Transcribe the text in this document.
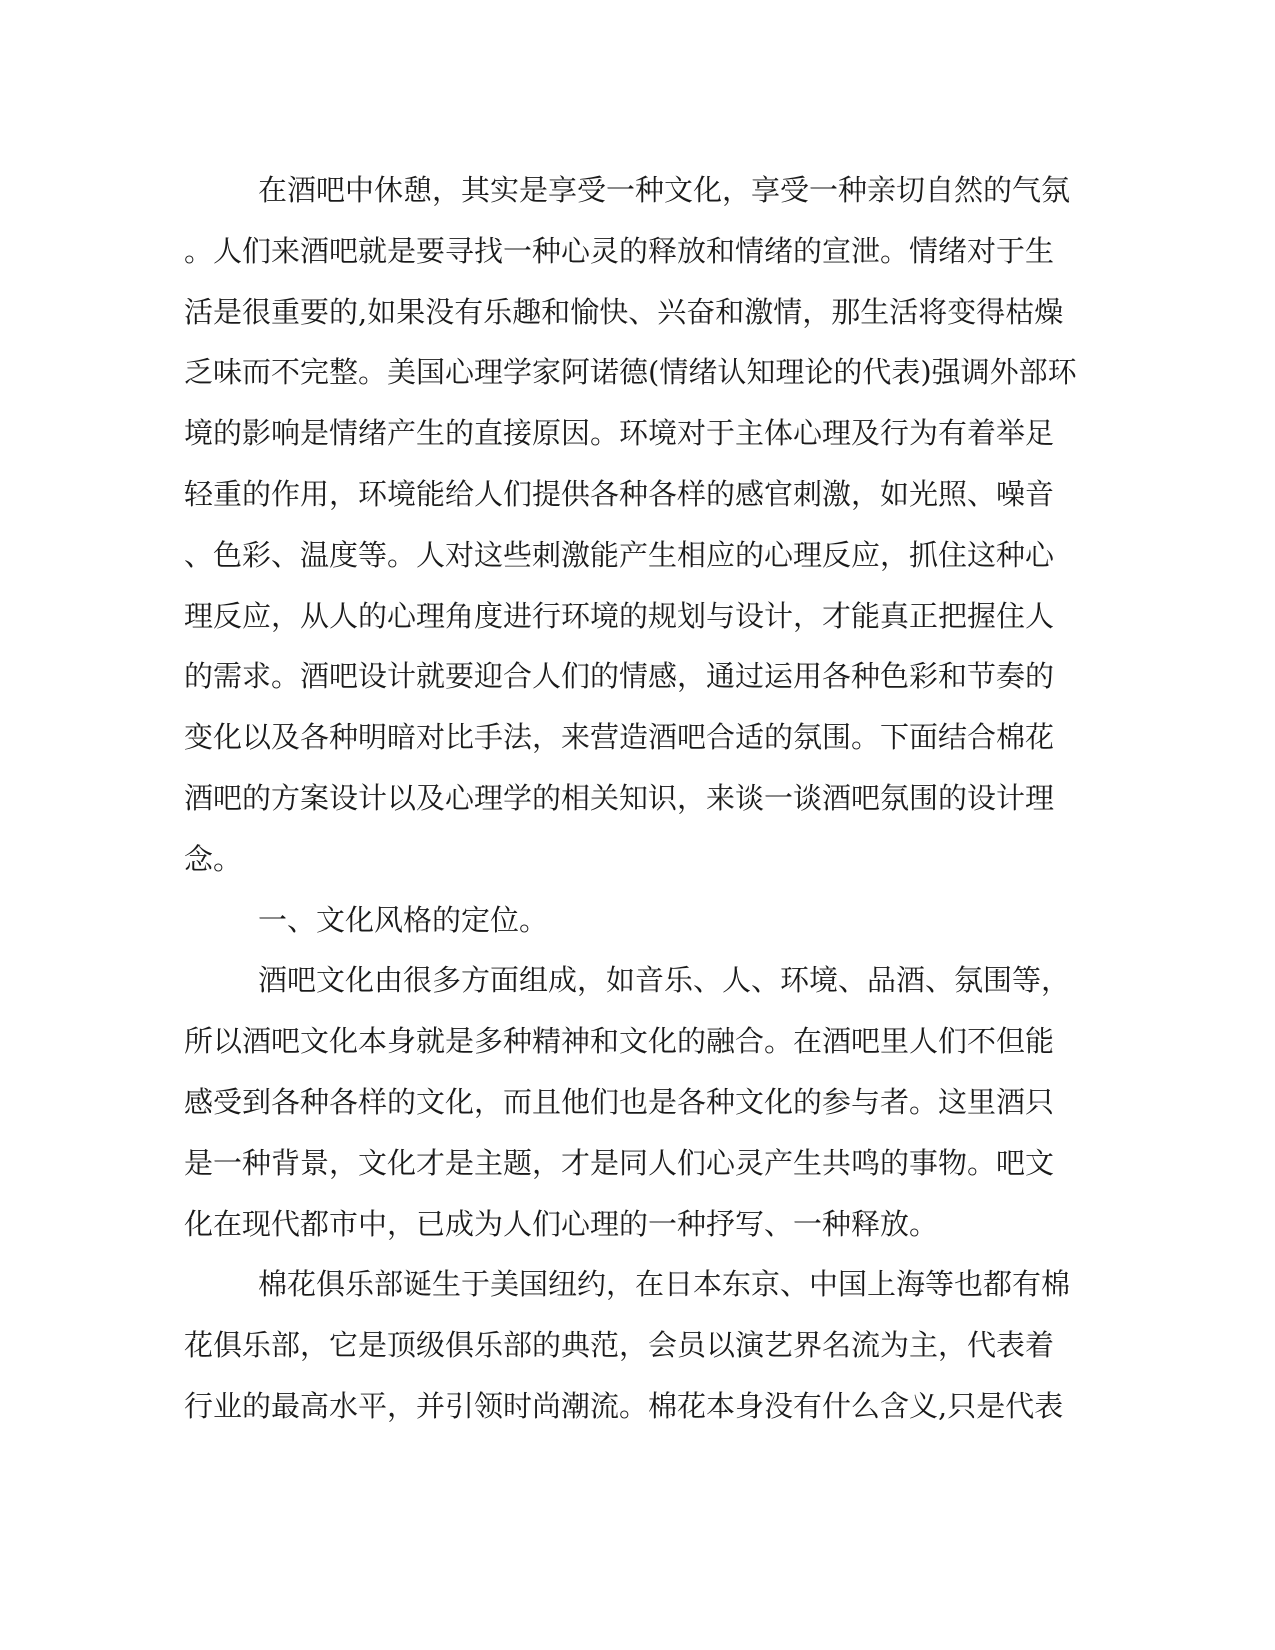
在酒吧中休憩，其实是享受一种文化，享受一种亲切自然的气氛
。人们来酒吧就是要寻找一种心灵的释放和情绪的宣泄。情绪对于生
活是很重要的,如果没有乐趣和愉快、兴奋和激情，那生活将变得枯燥
乏味而不完整。美国心理学家阿诺德(情绪认知理论的代表)强调外部环
境的影响是情绪产生的直接原因。环境对于主体心理及行为有着举足
轻重的作用，环境能给人们提供各种各样的感官刺激，如光照、噪音
、色彩、温度等。人对这些刺激能产生相应的心理反应，抓住这种心
理反应，从人的心理角度进行环境的规划与设计，才能真正把握住人
的需求。酒吧设计就要迎合人们的情感，通过运用各种色彩和节奏的
变化以及各种明暗对比手法，来营造酒吧合适的氛围。下面结合棉花
酒吧的方案设计以及心理学的相关知识，来谈一谈酒吧氛围的设计理
念。
一、文化风格的定位。
酒吧文化由很多方面组成，如音乐、人、环境、品酒、氛围等，
所以酒吧文化本身就是多种精神和文化的融合。在酒吧里人们不但能
感受到各种各样的文化，而且他们也是各种文化的参与者。这里酒只
是一种背景，文化才是主题，才是同人们心灵产生共鸣的事物。吧文
化在现代都市中，已成为人们心理的一种抒写、一种释放。
棉花俱乐部诞生于美国纽约，在日本东京、中国上海等也都有棉
花俱乐部，它是顶级俱乐部的典范，会员以演艺界名流为主，代表着
行业的最高水平，并引领时尚潮流。棉花本身没有什么含义,只是代表
